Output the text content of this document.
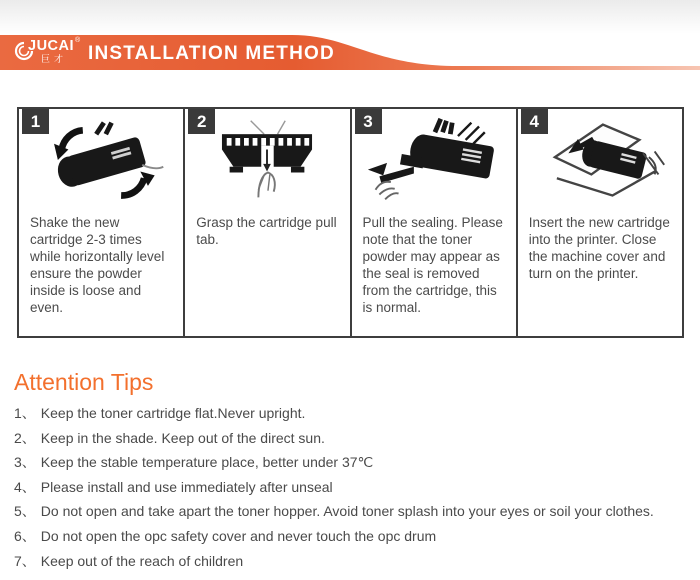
JUCAI ®
巨才	INSTALLATION METHOD
1
Shake the new cartridge 2-3 times while horizontally level ensure the powder inside is loose and even.
2
Grasp the cartridge pull tab.
3
Pull the sealing. Please note that the toner powder may appear as the seal is removed from the cartridge, this is normal.
4
Insert the new cartridge into the printer. Close the machine cover and turn on the printer.
Attention Tips
1、 Keep the toner cartridge flat.Never upright.
2、 Keep in the shade. Keep out of the direct sun.
3、 Keep the stable temperature place, better under 37℃
4、 Please install and use immediately after unseal
5、 Do not open and take apart the toner hopper. Avoid toner splash into your eyes or soil your clothes.
6、 Do not open the opc safety cover and never touch the opc drum
7、 Keep out of the reach of children
